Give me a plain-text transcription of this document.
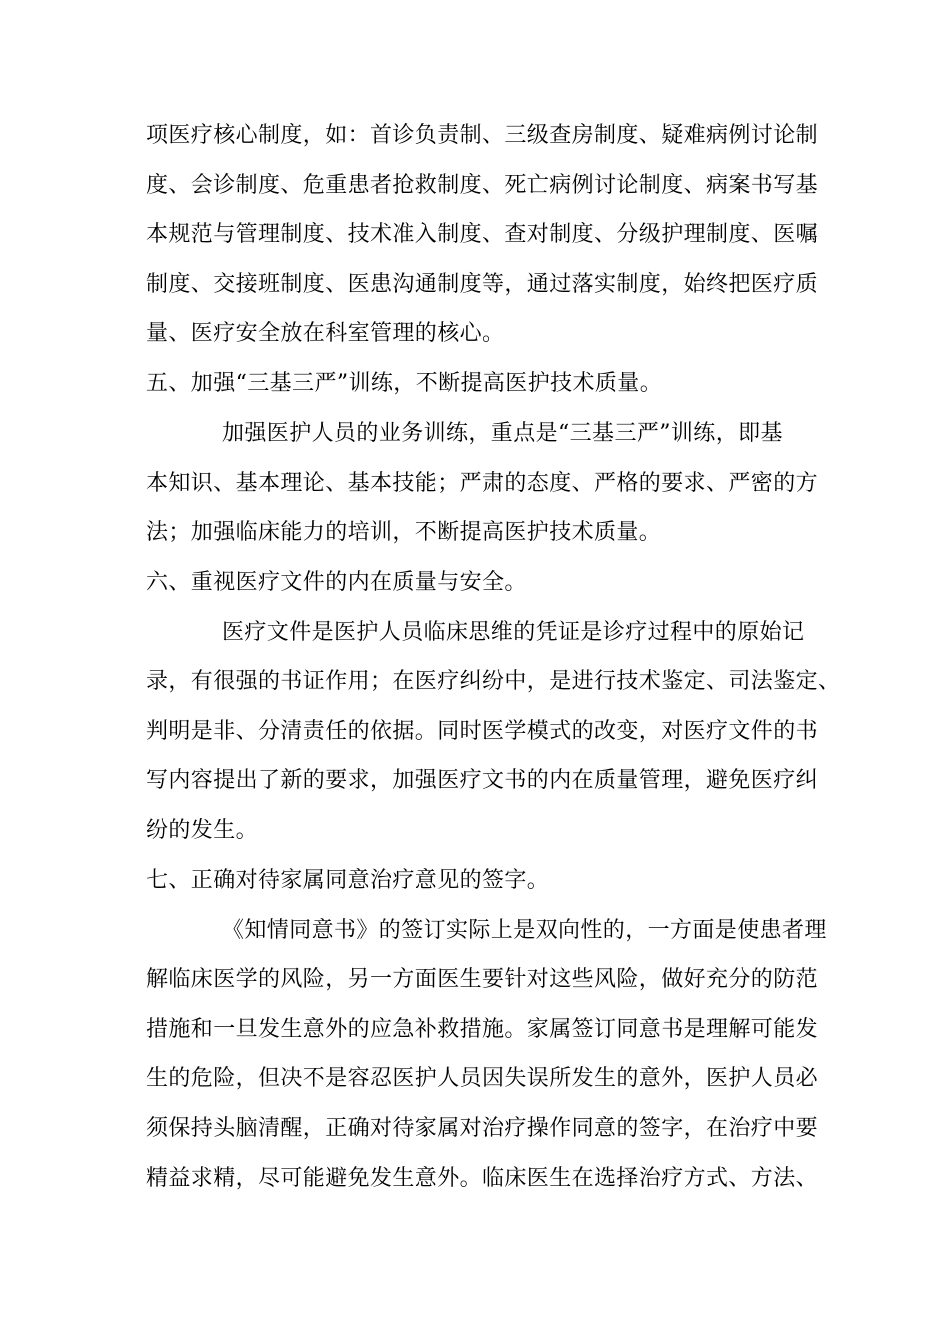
项医疗核心制度，如：首诊负责制、三级查房制度、疑难病例讨论制
度、会诊制度、危重患者抢救制度、死亡病例讨论制度、病案书写基
本规范与管理制度、技术准入制度、查对制度、分级护理制度、医嘱
制度、交接班制度、医患沟通制度等，通过落实制度，始终把医疗质
量、医疗安全放在科室管理的核心。
五、加强“三基三严”训练，不断提高医护技术质量。
加强医护人员的业务训练，重点是“三基三严”训练，即基
本知识、基本理论、基本技能；严肃的态度、严格的要求、严密的方
法；加强临床能力的培训，不断提高医护技术质量。
六、重视医疗文件的内在质量与安全。
医疗文件是医护人员临床思维的凭证是诊疗过程中的原始记
录，有很强的书证作用；在医疗纠纷中，是进行技术鉴定、司法鉴定、
判明是非、分清责任的依据。同时医学模式的改变，对医疗文件的书
写内容提出了新的要求，加强医疗文书的内在质量管理，避免医疗纠
纷的发生。
七、正确对待家属同意治疗意见的签字。
《知情同意书》的签订实际上是双向性的，一方面是使患者理
解临床医学的风险，另一方面医生要针对这些风险，做好充分的防范
措施和一旦发生意外的应急补救措施。家属签订同意书是理解可能发
生的危险，但决不是容忍医护人员因失误所发生的意外，医护人员必
须保持头脑清醒，正确对待家属对治疗操作同意的签字，在治疗中要
精益求精，尽可能避免发生意外。临床医生在选择治疗方式、方法、
